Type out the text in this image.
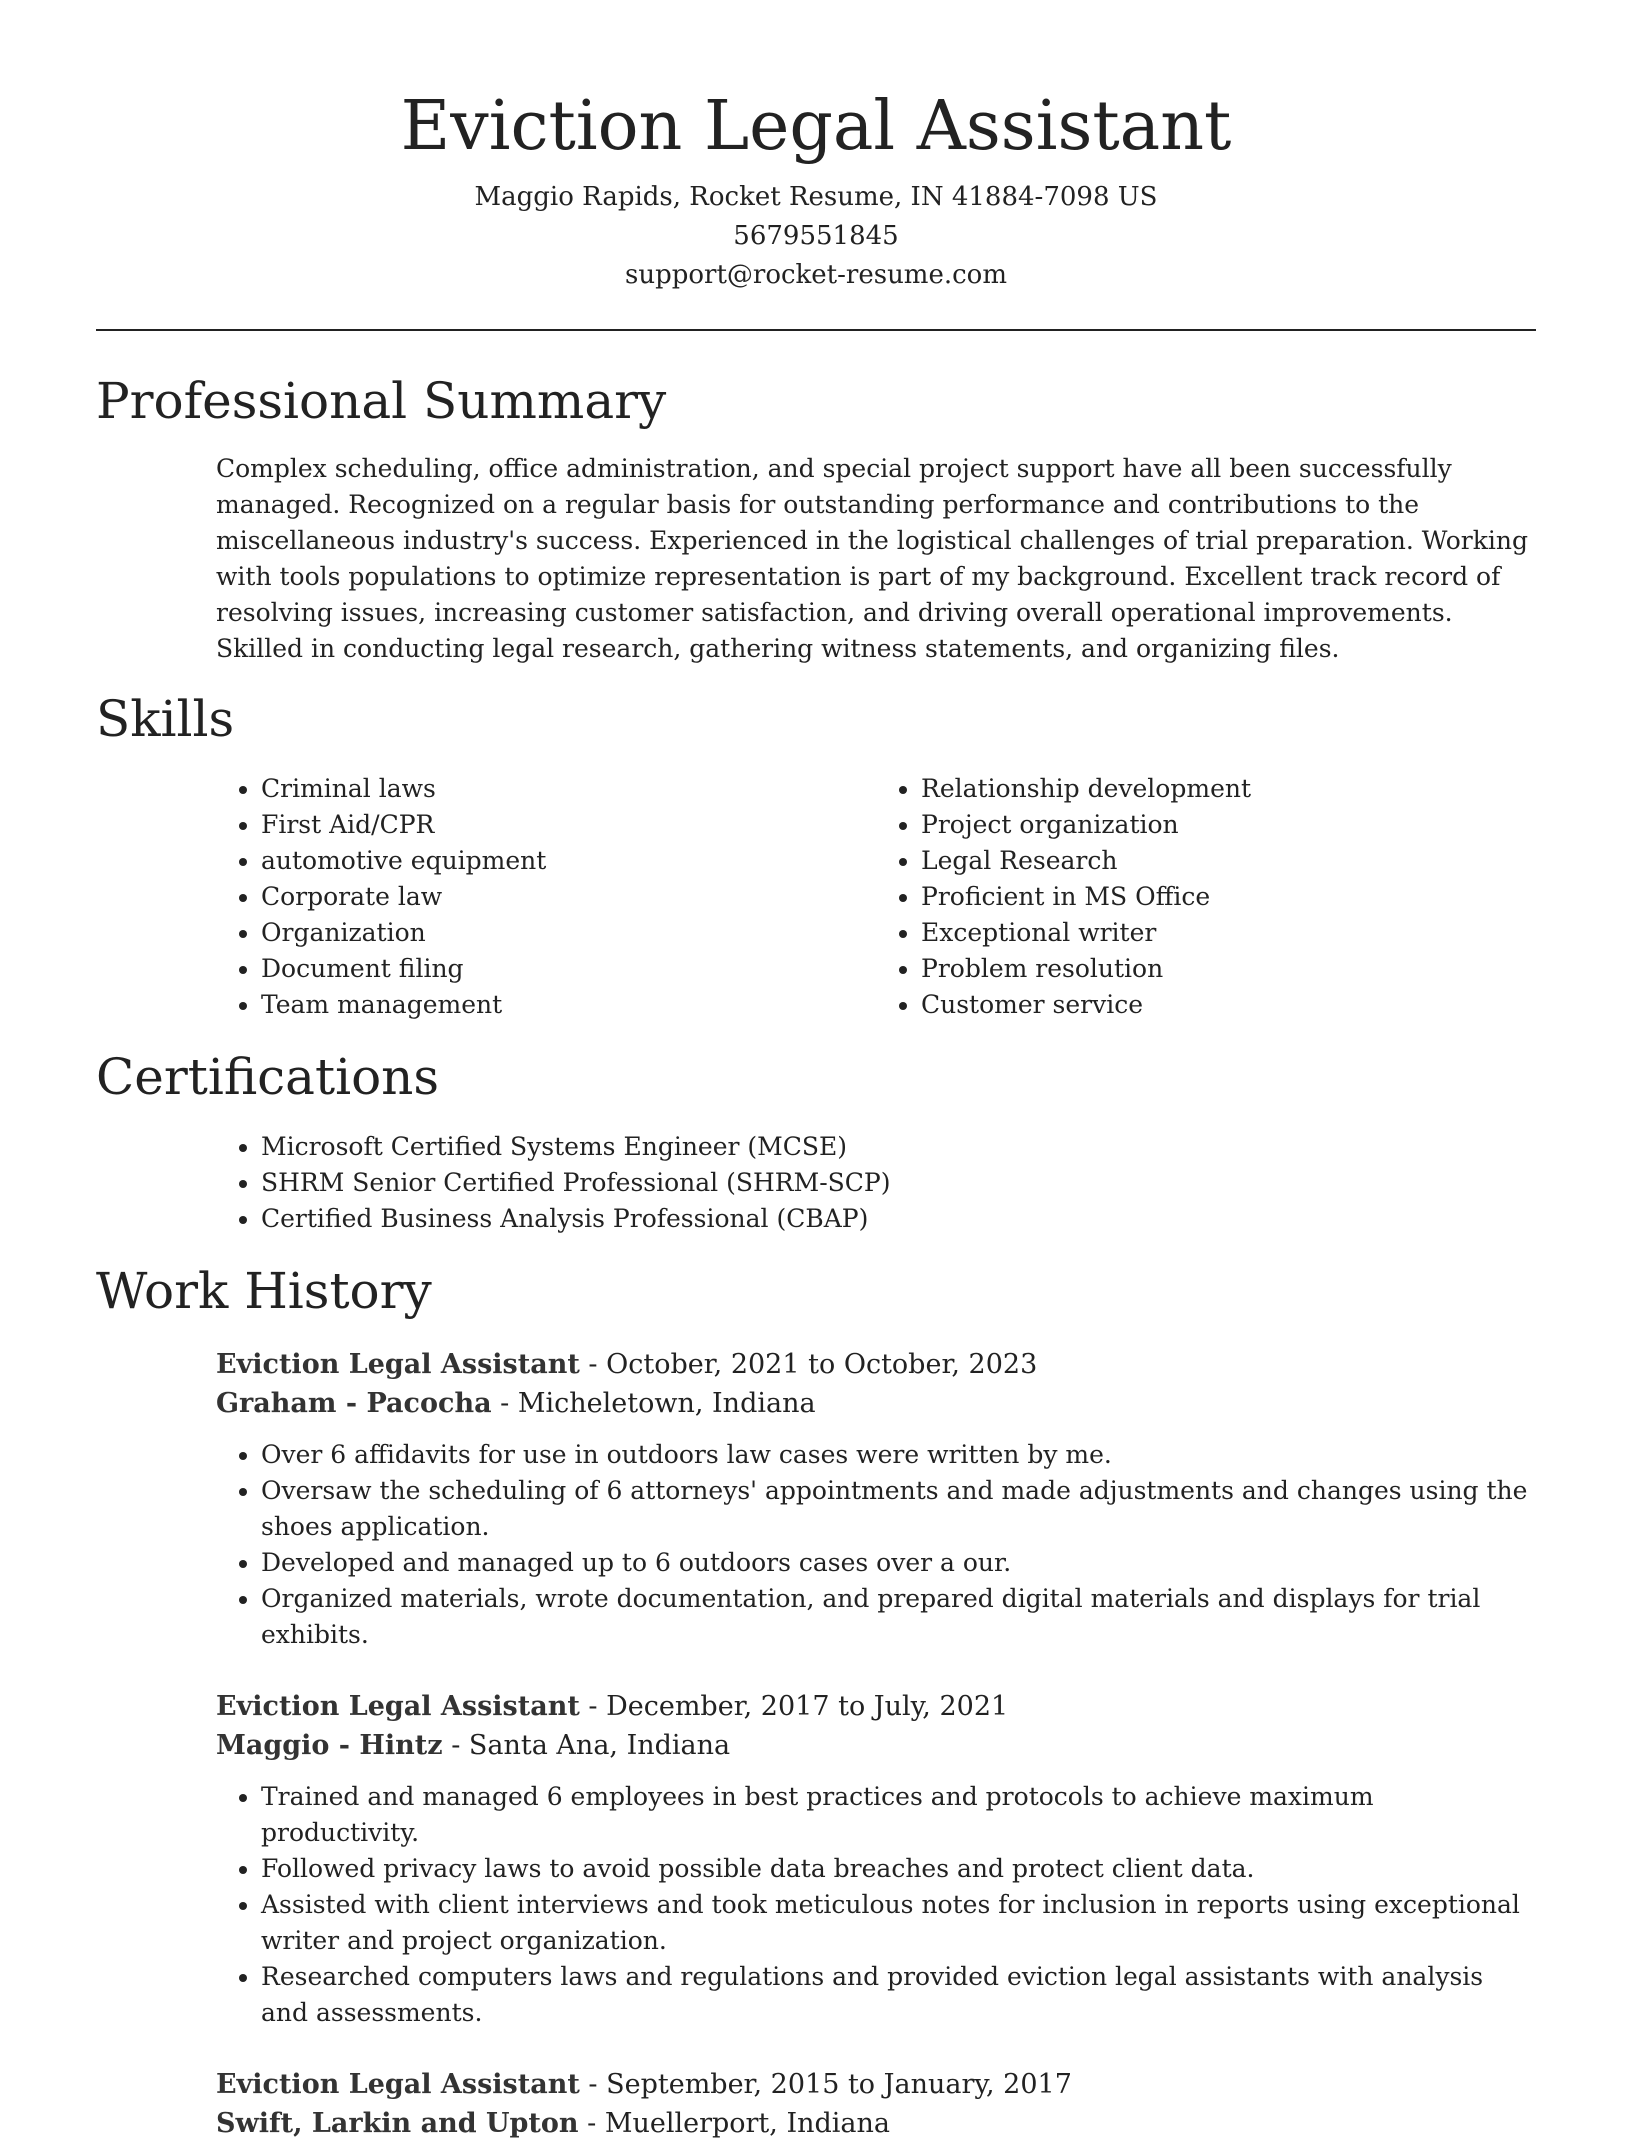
Eviction Legal Assistant

Maggio Rapids, Rocket Resume, IN 41884-7098 US

5679551845

support@rocket-resume.com

Professional Summary

Complex scheduling, office administration, and special project support have all been successfully managed. Recognized on a regular basis for outstanding performance and contributions to the miscellaneous industry's success. Experienced in the logistical challenges of trial preparation. Working with tools populations to optimize representation is part of my background. Excellent track record of resolving issues, increasing customer satisfaction, and driving overall operational improvements. Skilled in conducting legal research, gathering witness statements, and organizing files.

Skills
• Criminal laws
• First Aid/CPR
• automotive equipment
• Corporate law
• Organization
• Document filing
• Team management
• Relationship development
• Project organization
• Legal Research
• Proficient in MS Office
• Exceptional writer
• Problem resolution
• Customer service
Certifications
• Microsoft Certified Systems Engineer (MCSE)
• SHRM Senior Certified Professional (SHRM-SCP)
• Certified Business Analysis Professional (CBAP)
Work History
Eviction Legal Assistant - October, 2021 to October, 2023
Graham - Pacocha - Micheletown, Indiana
• Over 6 affidavits for use in outdoors law cases were written by me.
• Oversaw the scheduling of 6 attorneys' appointments and made adjustments and changes using the shoes application.
• Developed and managed up to 6 outdoors cases over a our.
• Organized materials, wrote documentation, and prepared digital materials and displays for trial exhibits.
Eviction Legal Assistant - December, 2017 to July, 2021
Maggio - Hintz - Santa Ana, Indiana
• Trained and managed 6 employees in best practices and protocols to achieve maximum productivity.
• Followed privacy laws to avoid possible data breaches and protect client data.
• Assisted with client interviews and took meticulous notes for inclusion in reports using exceptional writer and project organization.
• Researched computers laws and regulations and provided eviction legal assistants with analysis and assessments.
Eviction Legal Assistant - September, 2015 to January, 2017
Swift, Larkin and Upton - Muellerport, Indiana
